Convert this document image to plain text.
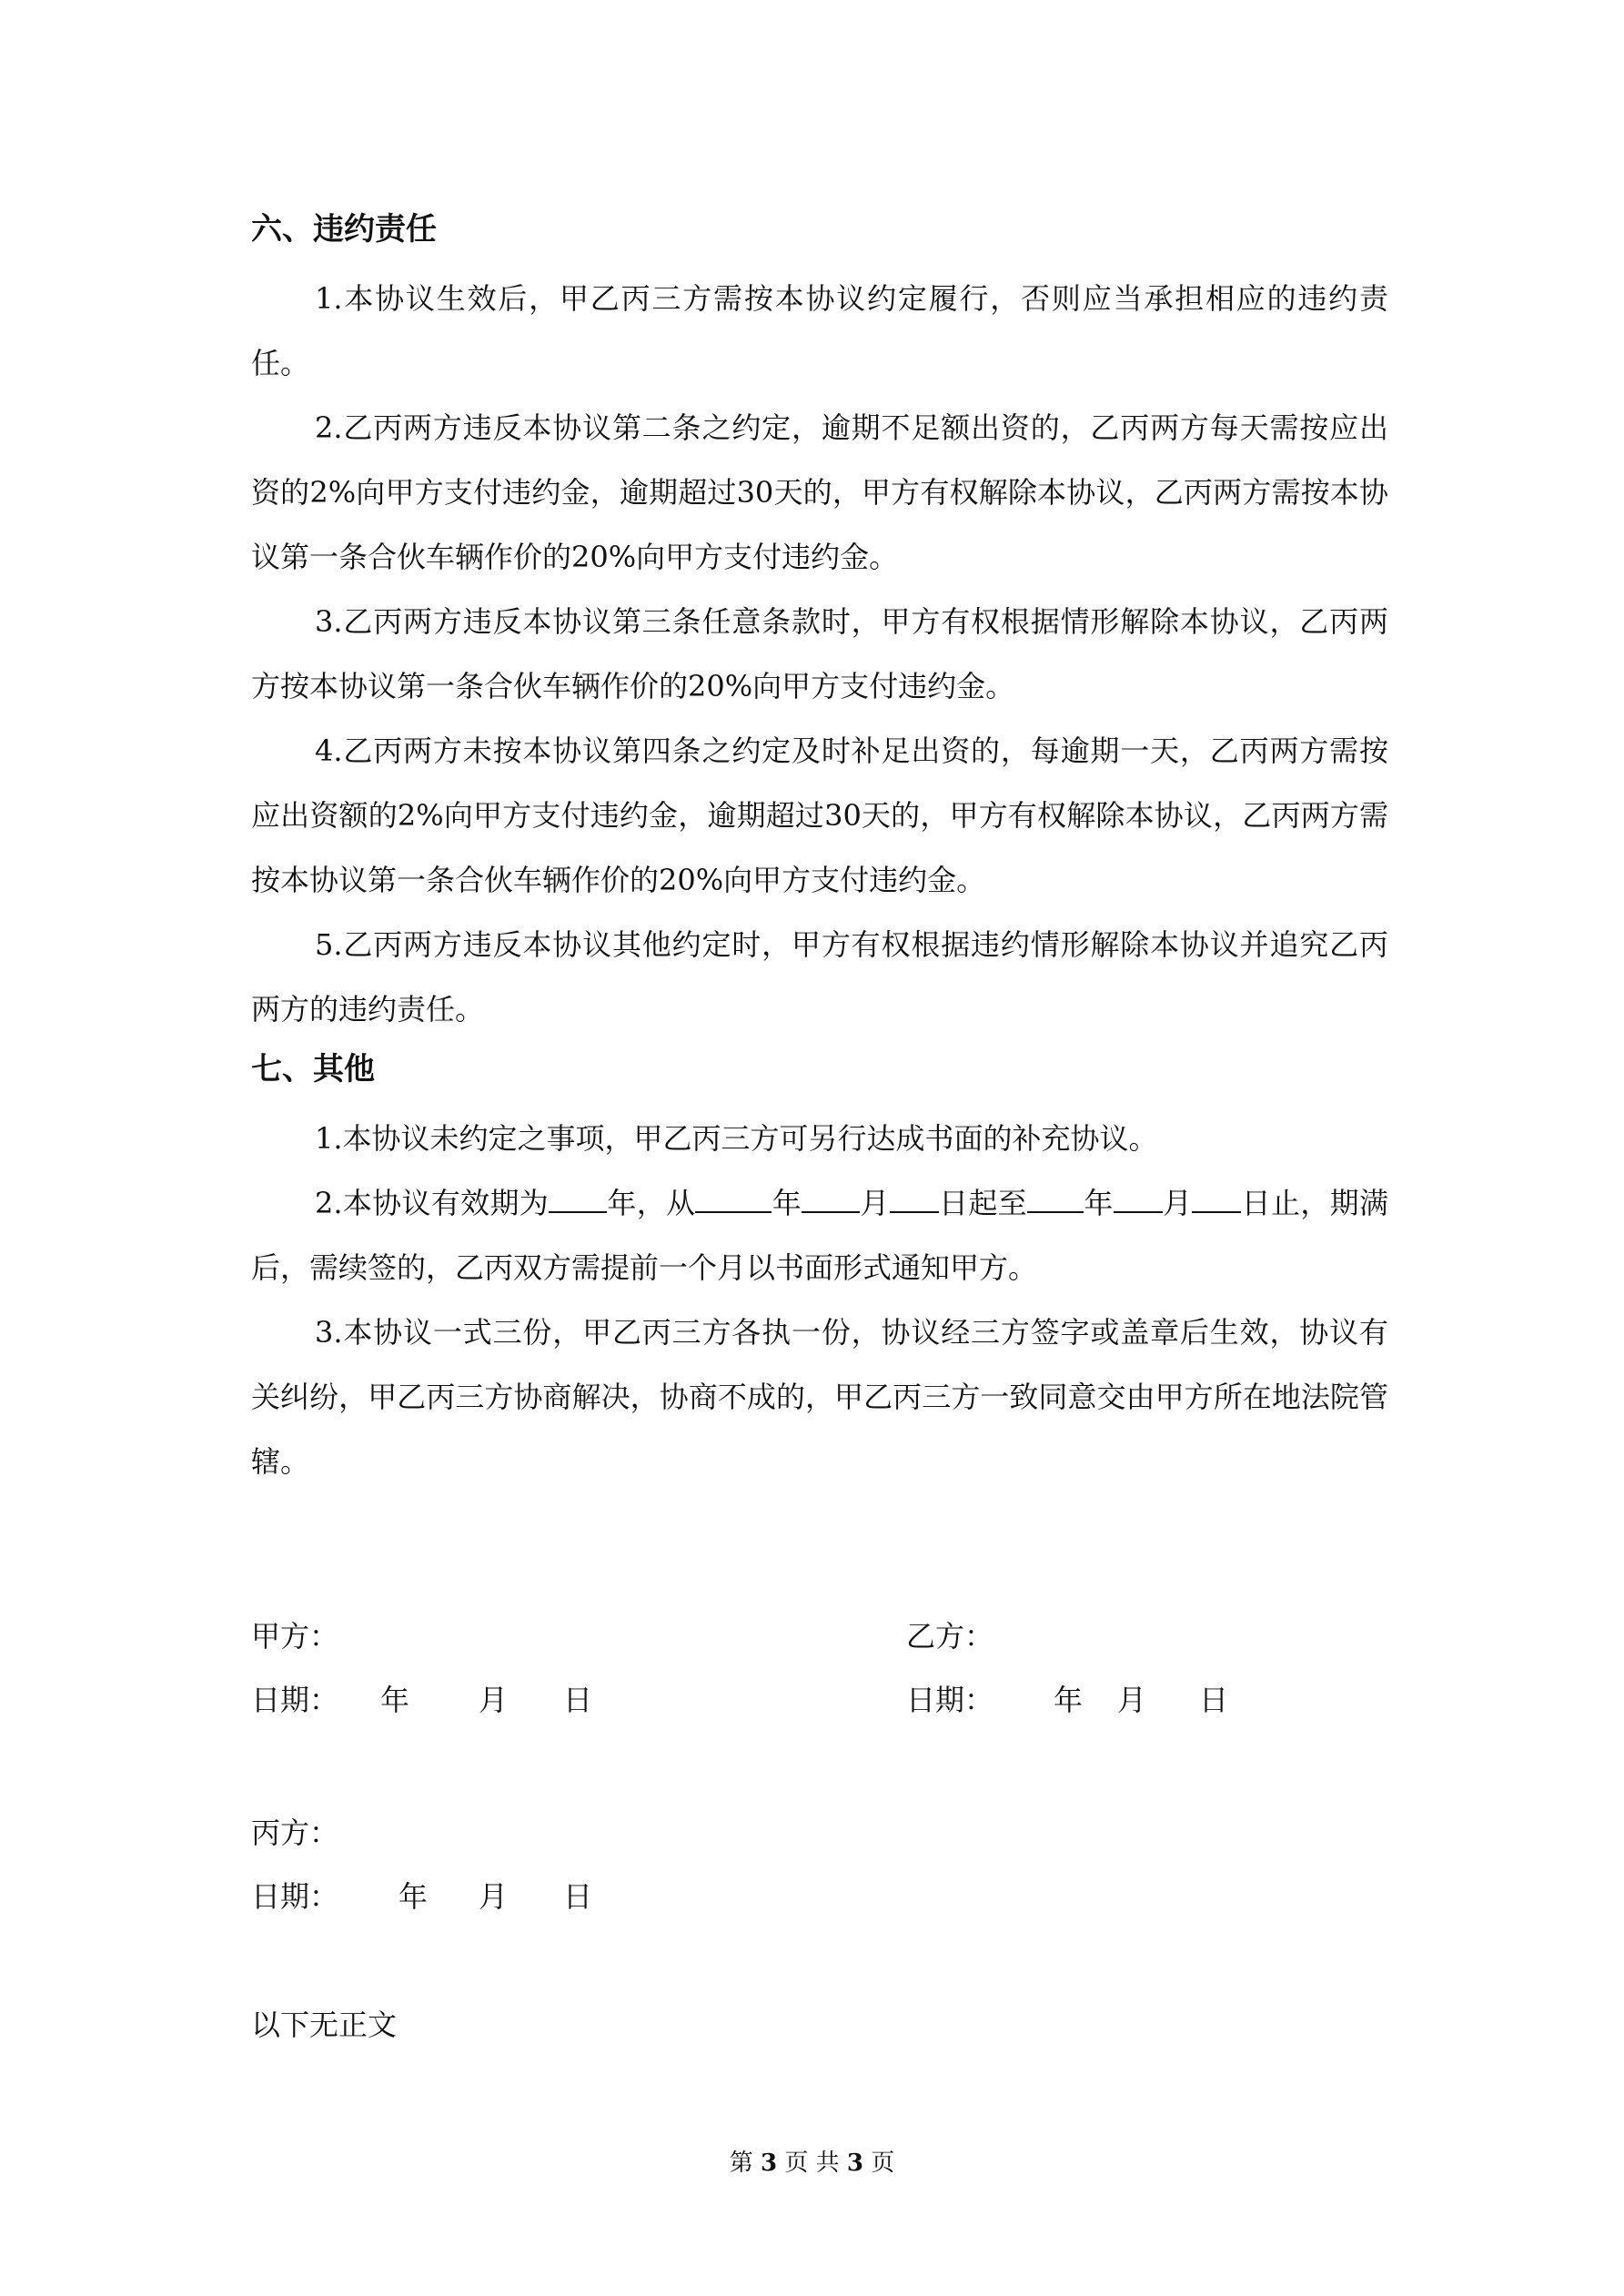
六、违约责任

1.本协议生效后，甲乙丙三方需按本协议约定履行，否则应当承担相应的违约责任。

2.乙丙两方违反本协议第二条之约定，逾期不足额出资的，乙丙两方每天需按应出资的2%向甲方支付违约金，逾期超过30天的，甲方有权解除本协议，乙丙两方需按本协议第一条合伙车辆作价的20%向甲方支付违约金。

3.乙丙两方违反本协议第三条任意条款时，甲方有权根据情形解除本协议，乙丙两方按本协议第一条合伙车辆作价的20%向甲方支付违约金。

4.乙丙两方未按本协议第四条之约定及时补足出资的，每逾期一天，乙丙两方需按应出资额的2%向甲方支付违约金，逾期超过30天的，甲方有权解除本协议，乙丙两方需按本协议第一条合伙车辆作价的20%向甲方支付违约金。

5.乙丙两方违反本协议其他约定时，甲方有权根据违约情形解除本协议并追究乙丙两方的违约责任。

七、其他

1.本协议未约定之事项，甲乙丙三方可另行达成书面的补充协议。

2.本协议有效期为 年，从	年 月 日起至 年 月 日止，期满后，需续签的，乙丙双方需提前一个月以书面形式通知甲方。

3.本协议一式三份，甲乙丙三方各执一份，协议经三方签字或盖章后生效，协议有关纠纷，甲乙丙三方协商解决，协商不成的，甲乙丙三方一致同意交由甲方所在地法院管辖。

甲方：	乙方：
日期： 年 月 日	日期： 年 月 日
丙方：
日期： 年 月 日
以下无正文
第 3 页 共 3 页
